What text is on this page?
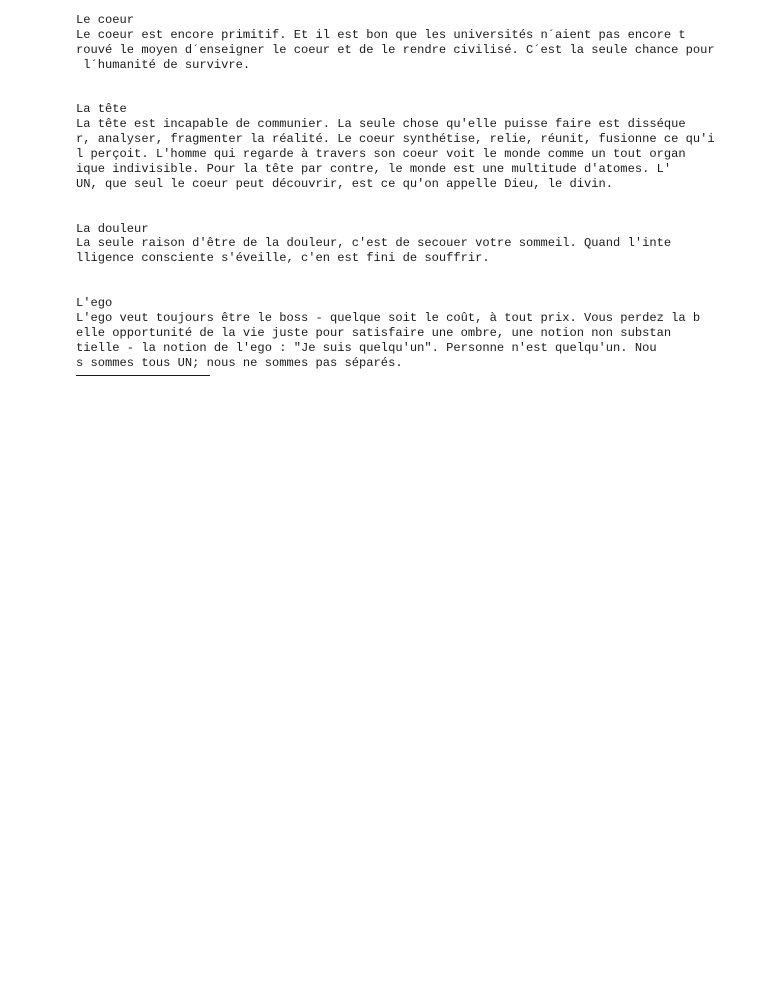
Le coeur
Le coeur est encore primitif. Et il est bon que les universités n´aient pas encore t
rouvé le moyen d´enseigner le coeur et de le rendre civilisé. C´est la seule chance pour
l´humanité de survivre.
La tête
La tête est incapable de communier. La seule chose qu'elle puisse faire est disséque
r, analyser, fragmenter la réalité. Le coeur synthétise, relie, réunit, fusionne ce qu'i
l perçoit. L'homme qui regarde à travers son coeur voit le monde comme un tout organ
ique indivisible. Pour la tête par contre, le monde est une multitude d'atomes. L'
UN, que seul le coeur peut découvrir, est ce qu'on appelle Dieu, le divin.
La douleur
La seule raison d'être de la douleur, c'est de secouer votre sommeil. Quand l'inte
lligence consciente s'éveille, c'en est fini de souffrir.
L'ego
L'ego veut toujours être le boss - quelque soit le coût, à tout prix. Vous perdez la b
elle opportunité de la vie juste pour satisfaire une ombre, une notion non substan
tielle - la notion de l'ego : "Je suis quelqu'un". Personne n'est quelqu'un. Nou
s sommes tous UN; nous ne sommes pas séparés.
